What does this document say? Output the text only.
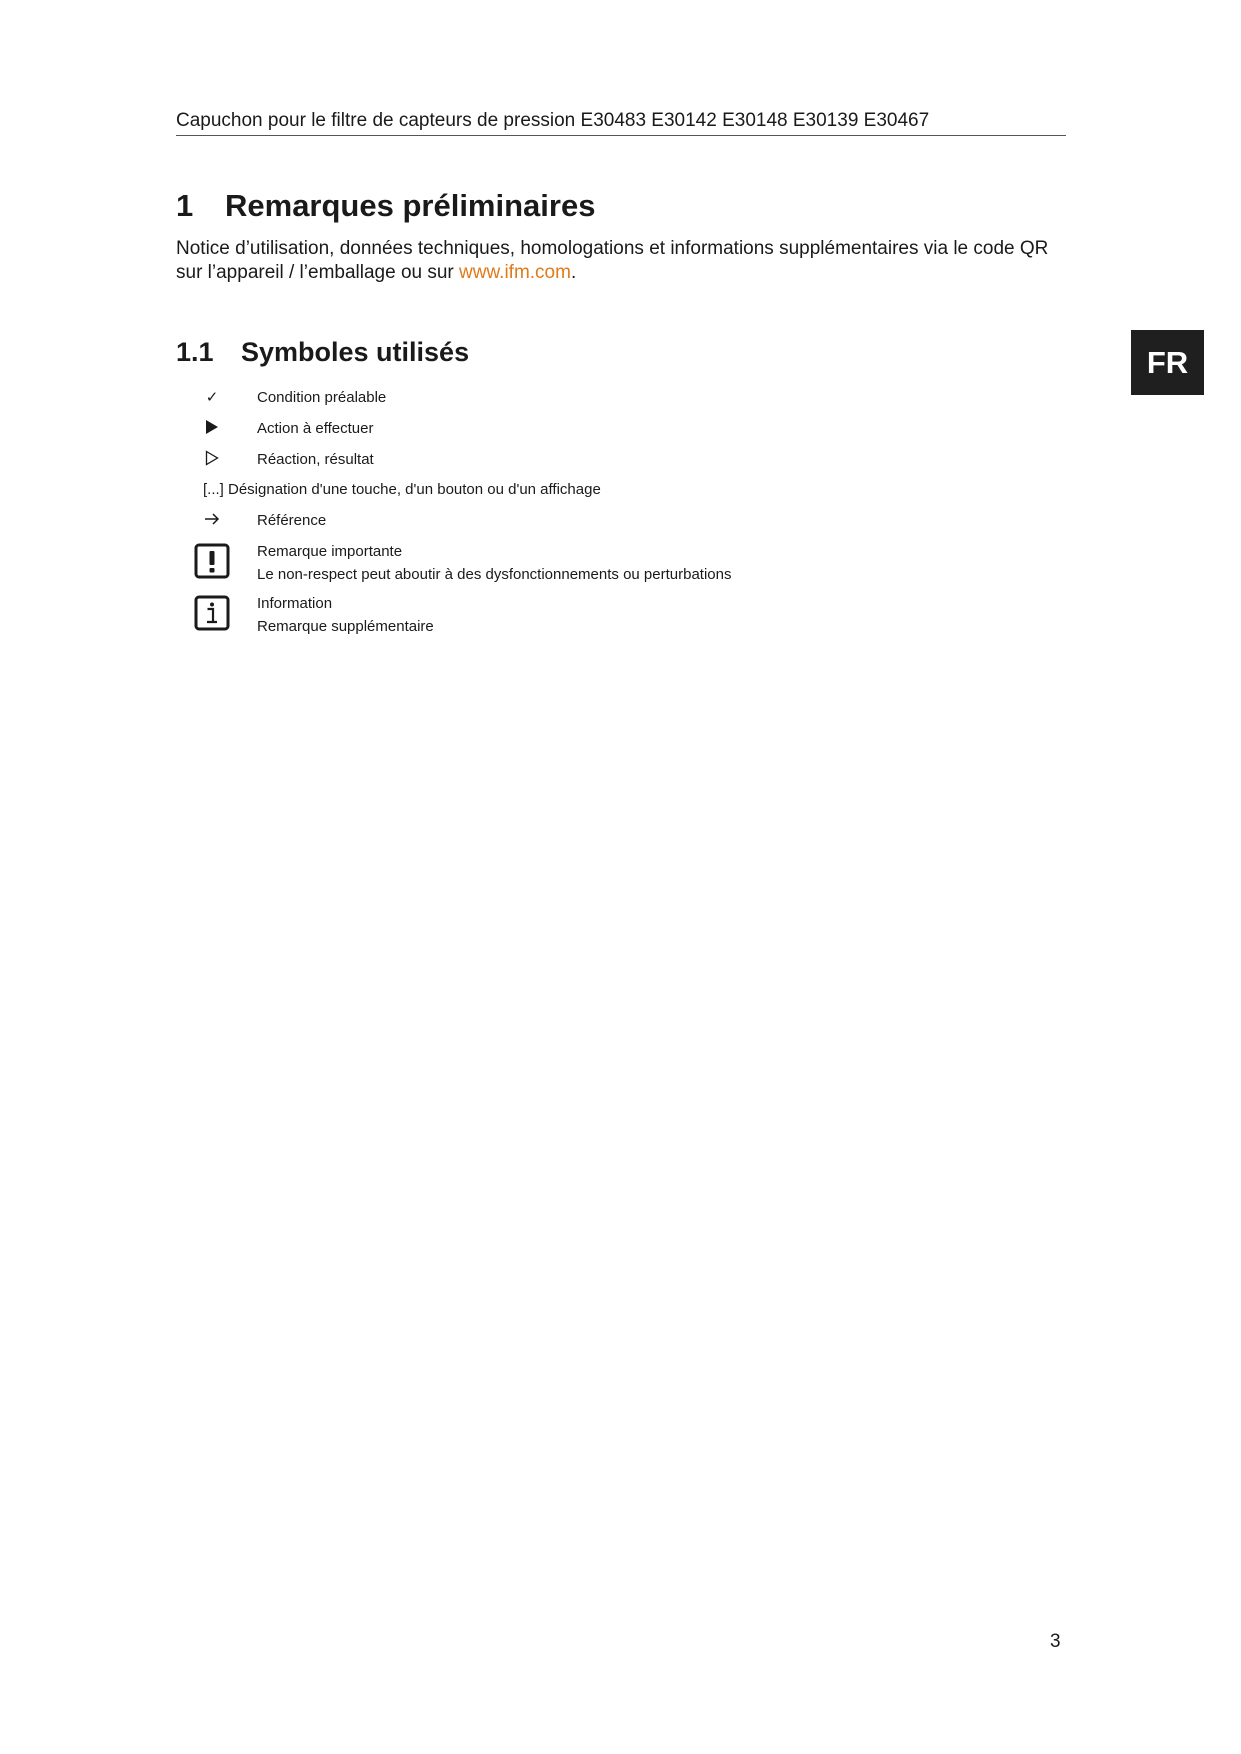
Capuchon pour le filtre de capteurs de pression E30483 E30142 E30148 E30139 E30467
1 Remarques préliminaires
Notice d’utilisation, données techniques, homologations et informations supplémentaires via le code QR sur l’appareil / l’emballage ou sur www.ifm.com.
1.1 Symboles utilisés	FR
✓	Condition préalable
Action à effectuer
Réaction, résultat
[...] Désignation d'une touche, d'un bouton ou d'un affichage
Référence
Remarque importante
Le non-respect peut aboutir à des dysfonctionnements ou perturbations
Information
Remarque supplémentaire
3
